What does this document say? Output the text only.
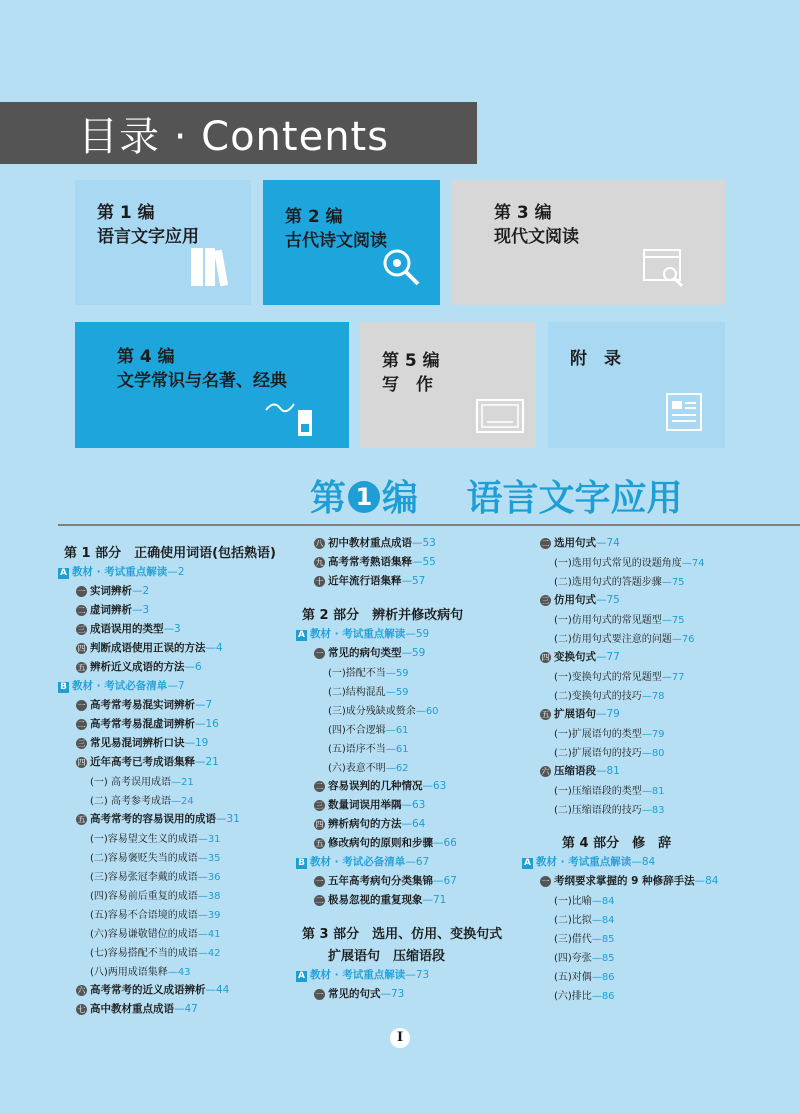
目录 · Contents
第 1 编
语言文字应用
第 2 编
古代诗文阅读
第 3 编
现代文阅读
第 4 编
文学常识与名著、经典
第 5 编
写　作
附　录
第 1 编　 语言文字应用
第 1 部分　正确使用词语(包括熟语)
A 教材 · 考试重点解读—2
一 实词辨析—2
二 虚词辨析—3
三 成语误用的类型—3
四 判断成语使用正误的方法—4
五 辨析近义成语的方法—6
B 教材 · 考试必备清单—7
一 高考常考易混实词辨析—7
二 高考常考易混虚词辨析—16
三 常见易混词辨析口诀—19
四 近年高考已考成语集释—21
(一) 高考误用成语—21
(二) 高考参考成语—24
五 高考常考的容易误用的成语—31
(一)容易望文生义的成语—31
(二)容易褒贬失当的成语—35
(三)容易张冠李戴的成语—36
(四)容易前后重复的成语—38
(五)容易不合语境的成语—39
(六)容易谦敬错位的成语—41
(七)容易搭配不当的成语—42
(八)两用成语集释—43
六 高考常考的近义成语辨析—44
七 高中教材重点成语—47
八 初中教材重点成语—53
九 高考常考熟语集释—55
十 近年流行语集释—57
第 2 部分　辨析并修改病句
A 教材 · 考试重点解读—59
一 常见的病句类型—59
(一)搭配不当—59
(二)结构混乱—59
(三)成分残缺或赘余—60
(四)不合逻辑—61
(五)语序不当—61
(六)表意不明—62
二 容易误判的几种情况—63
三 数量词误用举隅—63
四 辨析病句的方法—64
五 修改病句的原则和步骤—66
B 教材 · 考试必备清单—67
一 五年高考病句分类集锦—67
二 极易忽视的重复现象—71
第 3 部分　选用、仿用、变换句式
扩展语句　压缩语段
A 教材 · 考试重点解读—73
一 常见的句式—73
二 选用句式—74
(一)选用句式常见的设题角度—74
(二)选用句式的答题步骤—75
三 仿用句式—75
(一)仿用句式的常见题型—75
(二)仿用句式要注意的问题—76
四 变换句式—77
(一)变换句式的常见题型—77
(二)变换句式的技巧—78
五 扩展语句—79
(一)扩展语句的类型—79
(二)扩展语句的技巧—80
六 压缩语段—81
(一)压缩语段的类型—81
(二)压缩语段的技巧—83
第 4 部分　修　辞
A 教材 · 考试重点解读—84
一 考纲要求掌握的 9 种修辞手法—84
(一)比喻—84
(二)比拟—84
(三)借代—85
(四)夸张—85
(五)对偶—86
(六)排比—86
I
